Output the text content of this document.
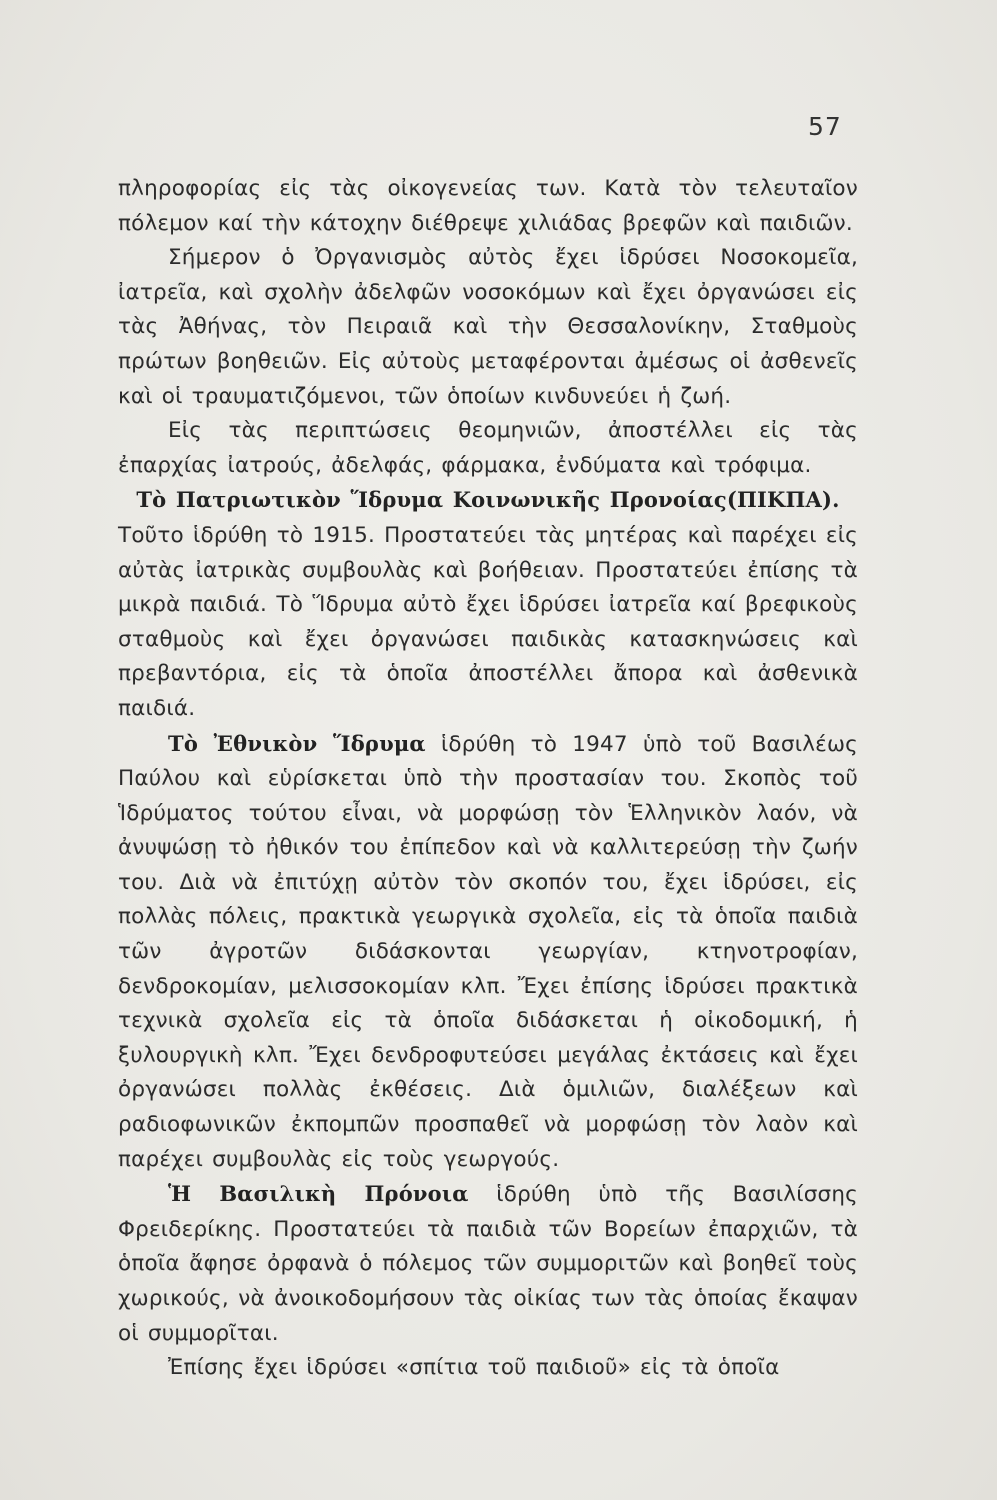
57

πληροφορίας εἰς τὰς οἰκογενείας των. Κατὰ τὸν τελευταῖον πόλεμον καί τὴν κάτοχην διέθρεψε χιλιάδας βρεφῶν καὶ παιδιῶν.

Σήμερον ὁ Ὀργανισμὸς αὐτὸς ἔχει ἱδρύσει Νοσοκομεῖα, ἰατρεῖα, καὶ σχολὴν ἀδελφῶν νοσοκόμων καὶ ἔχει ὀργανώσει εἰς τὰς Ἀθήνας, τὸν Πειραιᾶ καὶ τὴν Θεσσαλονίκην, Σταθμοὺς πρώτων βοηθειῶν. Εἰς αὐτοὺς μεταφέρονται ἀμέσως οἱ ἀσθενεῖς καὶ οἱ τραυματιζόμενοι, τῶν ὁποίων κινδυνεύει ἡ ζωή.

Εἰς τὰς περιπτώσεις θεομηνιῶν, ἀποστέλλει εἰς τὰς ἐπαρχίας ἰατρούς, ἀδελφάς, φάρμακα, ἐνδύματα καὶ τρόφιμα.

Τὸ Πατριωτικὸν Ἵδρυμα Κοινωνικῆς Προνοίας(ΠΙΚΠΑ).

Τοῦτο ἱδρύθη τὸ 1915. Προστατεύει τὰς μητέρας καὶ παρέχει εἰς αὐτὰς ἰατρικὰς συμβουλὰς καὶ βοήθειαν. Προστατεύει ἐπίσης τὰ μικρὰ παιδιά. Τὸ Ἵδρυμα αὐτὸ ἔχει ἱδρύσει ἰατρεῖα καί βρεφικοὺς σταθμοὺς καὶ ἔχει ὀργανώσει παιδικὰς κατασκηνώσεις καὶ πρεβαντόρια, εἰς τὰ ὁποῖα ἀποστέλλει ἄπορα καὶ ἀσθενικὰ παιδιά.

Τὸ Ἐθνικὸν Ἵδρυμα ἱδρύθη τὸ 1947 ὑπὸ τοῦ Βασιλέως Παύλου καὶ εὑρίσκεται ὑπὸ τὴν προστασίαν του. Σκοπὸς τοῦ Ἱδρύματος τούτου εἶναι, νὰ μορφώσῃ τὸν Ἑλληνικὸν λαόν, νὰ ἀνυψώσῃ τὸ ἠθικόν του ἐπίπεδον καὶ νὰ καλλιτερεύσῃ τὴν ζωήν του. Διὰ νὰ ἐπιτύχῃ αὐτὸν τὸν σκοπόν του, ἔχει ἱδρύσει, εἰς πολλὰς πόλεις, πρακτικὰ γεωργικὰ σχολεῖα, εἰς τὰ ὁποῖα παιδιὰ τῶν ἀγροτῶν διδάσκονται γεωργίαν, κτηνοτροφίαν, δενδροκομίαν, μελισσοκομίαν κλπ. Ἔχει ἐπίσης ἱδρύσει πρακτικὰ τεχνικὰ σχολεῖα εἰς τὰ ὁποῖα διδάσκεται ἡ οἰκοδομική, ἡ ξυλουργικὴ κλπ. Ἔχει δενδροφυτεύσει μεγάλας ἐκτάσεις καὶ ἔχει ὀργανώσει πολλὰς ἐκθέσεις. Διὰ ὁμιλιῶν, διαλέξεων καὶ ραδιοφωνικῶν ἐκπομπῶν προσπαθεῖ νὰ μορφώσῃ τὸν λαὸν καὶ παρέχει συμβουλὰς εἰς τοὺς γεωργούς.

Ἡ Βασιλικὴ Πρόνοια ἱδρύθη ὑπὸ τῆς Βασιλίσσης Φρειδερίκης. Προστατεύει τὰ παιδιὰ τῶν Βορείων ἐπαρχιῶν, τὰ ὁποῖα ἄφησε ὀρφανὰ ὁ πόλεμος τῶν συμμοριτῶν καὶ βοηθεῖ τοὺς χωρικούς, νὰ ἀνοικοδομήσουν τὰς οἰκίας των τὰς ὁποίας ἔκαψαν οἱ συμμορῖται.

Ἐπίσης ἔχει ἱδρύσει «σπίτια τοῦ παιδιοῦ» εἰς τὰ ὁποῖα
